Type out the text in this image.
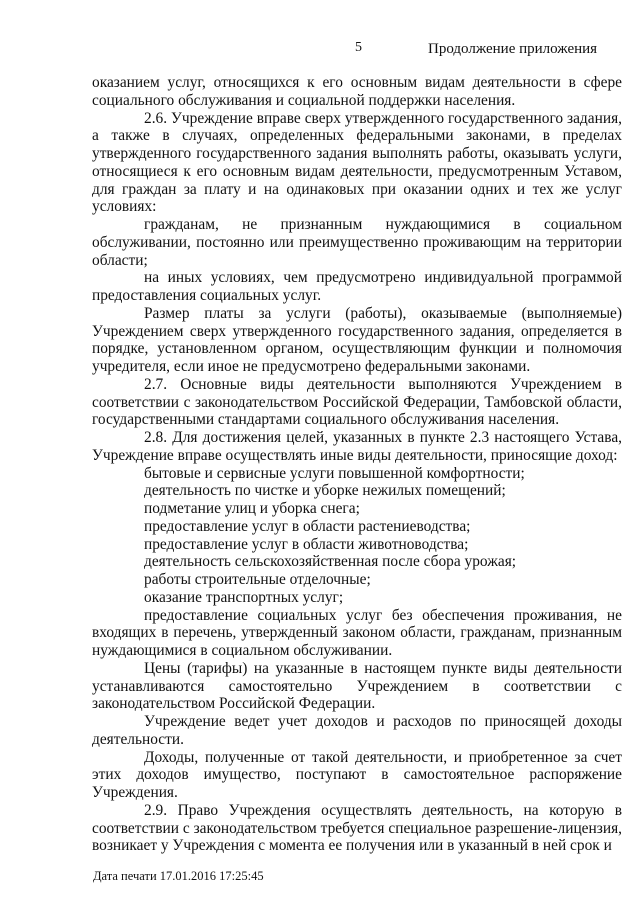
5	Продолжение приложения

оказанием услуг, относящихся к его основным видам деятельности в сфере социального обслуживания и социальной поддержки населения.

2.6. Учреждение вправе сверх утвержденного государственного задания, а также в случаях, определенных федеральными законами, в пределах утвержденного государственного задания выполнять работы, оказывать услуги, относящиеся к его основным видам деятельности, предусмотренным Уставом, для граждан за плату и на одинаковых при оказании одних и тех же услуг условиях:

гражданам, не признанным нуждающимися в социальном обслуживании, постоянно или преимущественно проживающим на территории области;

на иных условиях, чем предусмотрено индивидуальной программой предоставления социальных услуг.

Размер платы за услуги (работы), оказываемые (выполняемые) Учреждением сверх утвержденного государственного задания, определяется в порядке, установленном органом, осуществляющим функции и полномочия учредителя, если иное не предусмотрено федеральными законами.

2.7. Основные виды деятельности выполняются Учреждением в соответствии с законодательством Российской Федерации, Тамбовской области, государственными стандартами социального обслуживания населения.

2.8. Для достижения целей, указанных в пункте 2.3 настоящего Устава, Учреждение вправе осуществлять иные виды деятельности, приносящие доход:

бытовые и сервисные услуги повышенной комфортности;

деятельность по чистке и уборке нежилых помещений;

подметание улиц и уборка снега;

предоставление услуг в области растениеводства;

предоставление услуг в области животноводства;

деятельность сельскохозяйственная после сбора урожая;

работы строительные отделочные;

оказание транспортных услуг;

предоставление социальных услуг без обеспечения проживания, не входящих в перечень, утвержденный законом области, гражданам, признанным нуждающимися в социальном обслуживании.

Цены (тарифы) на указанные в настоящем пункте виды деятельности устанавливаются самостоятельно Учреждением в соответствии с законодательством Российской Федерации.

Учреждение ведет учет доходов и расходов по приносящей доходы деятельности.

Доходы, полученные от такой деятельности, и приобретенное за счет этих доходов имущество, поступают в самостоятельное распоряжение Учреждения.

2.9. Право Учреждения осуществлять деятельность, на которую в соответствии с законодательством требуется специальное разрешение-лицензия, возникает у Учреждения с момента ее получения или в указанный в ней срок и

Дата печати 17.01.2016 17:25:45
